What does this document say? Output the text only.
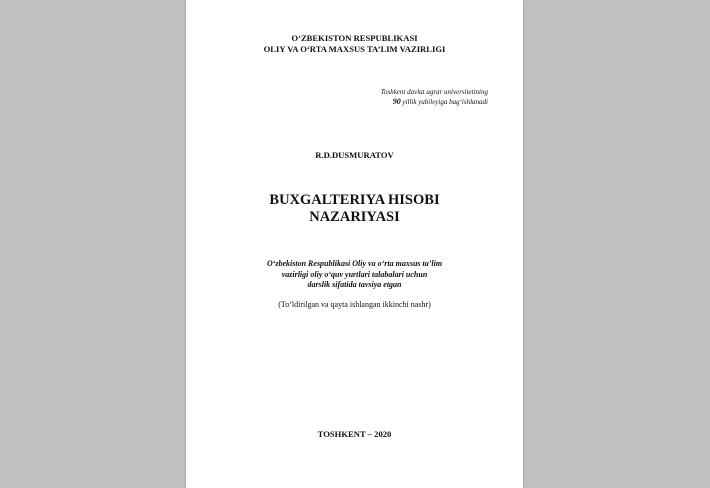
O‘ZBEKISTON RESPUBLIKASI
OLIY VA O‘RTA MAXSUS TA’LIM VAZIRLIGI
Toshkent davlat agrar universitetining
90 yillik yubileyiga bag‘ishlanadi
R.D.DUSMURATOV
BUXGALTERIYA HISOBI
NAZARIYASI
O‘zbekiston Respublikasi Oliy va o‘rta maxsus ta’lim
vazirligi oliy o‘quv yurtlari talabalari uchun
darslik sifatida tavsiya etgan
(To‘ldirilgan va qayta ishlangan ikkinchi nashr)
TOSHKENT – 2020
